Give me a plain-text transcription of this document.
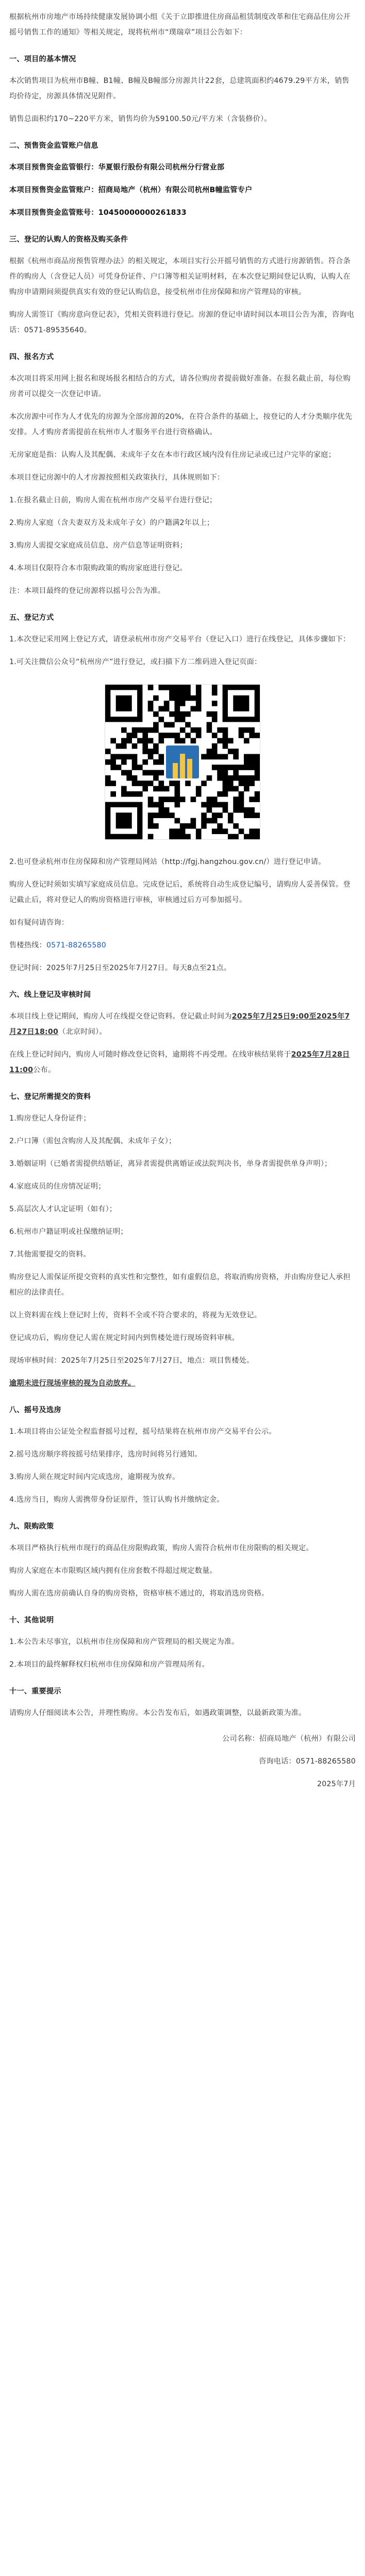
根据杭州市房地产市场持续健康发展协调小组《关于立即推进住房商品租赁制度改革和住宅商品住房公开摇号销售工作的通知》等相关规定，现将杭州市“璞瑞章”项目公告如下：

一、项目的基本情况

本次销售项目为杭州市B幢、B1幢、B幢及B幢部分房源共计22套，总建筑面积约4679.29平方米，销售均价待定，房源具体情况见附件。

销售总面积约170~220平方米，销售均价为59100.50元/平方米（含装修价）。

二、预售资金监管账户信息

本项目预售资金监管银行：华夏银行股份有限公司杭州分行营业部

本项目预售资金监管账户：招商局地产（杭州）有限公司杭州B幢监管专户

本项目预售资金监管账号：10450000000261833

三、登记的认购人的资格及购买条件

根据《杭州市商品房预售管理办法》的相关规定，本项目实行公开摇号销售的方式进行房源销售。符合条件的购房人（含登记人员）可凭身份证件、户口簿等相关证明材料，在本次登记期间登记认购，认购人在购房申请期间须提供真实有效的登记认购信息，接受杭州市住房保障和房产管理局的审核。

购房人需签订《购房意向登记表》，凭相关资料进行登记。房源的登记申请时间以本项目公告为准，咨询电话：0571-89535640。

四、报名方式

本次项目将采用网上报名和现场报名相结合的方式，请各位购房者提前做好准备。在报名截止前，每位购房者可以提交一次登记申请。

本次房源中可作为人才优先的房源为全部房源的20%，在符合条件的基础上，按登记的人才分类顺序优先安排。人才购房者需提前在杭州市人才服务平台进行资格确认。

无房家庭是指：认购人及其配偶、未成年子女在本市行政区域内没有住房记录或已过户完毕的家庭；

本项目登记房源中的人才房源按照相关政策执行，具体规则如下：

1.在报名截止日前，购房人需在杭州市房产交易平台进行登记；

2.购房人家庭（含夫妻双方及未成年子女）的户籍满2年以上；

3.购房人需提交家庭成员信息、房产信息等证明资料；

4.本项目仅限符合本市限购政策的购房家庭进行登记。

注：本项目最终的登记房源将以摇号公告为准。

五、登记方式

1.本次登记采用网上登记方式，请登录杭州市房产交易平台（登记入口）进行在线登记，具体步骤如下：

1.可关注微信公众号“杭州房产”进行登记，或扫描下方二维码进入登记页面：

2.也可登录杭州市住房保障和房产管理局网站（http://fgj.hangzhou.gov.cn/）进行登记申请。

购房人登记时须如实填写家庭成员信息。完成登记后，系统将自动生成登记编号，请购房人妥善保管。登记截止后，将对登记人的购房资格进行审核，审核通过后方可参加摇号。

如有疑问请咨询：

售楼热线：0571-88265580

登记时间：2025年7月25日至2025年7月27日。每天8点至21点。

六、线上登记及审核时间

本项目线上登记期间，购房人可在线提交登记资料。登记截止时间为2025年7月25日9:00至2025年7月27日18:00（北京时间）。

在线上登记时间内，购房人可随时修改登记资料，逾期将不再受理。在线审核结果将于2025年7月28日11:00公布。

七、登记所需提交的资料

1.购房登记人身份证件；

2.户口簿（需包含购房人及其配偶、未成年子女）；

3.婚姻证明（已婚者需提供结婚证，离异者需提供离婚证或法院判决书，单身者需提供单身声明）；

4.家庭成员的住房情况证明；

5.高层次人才认定证明（如有）；

6.杭州市户籍证明或社保缴纳证明；

7.其他需要提交的资料。

购房登记人需保证所提交资料的真实性和完整性，如有虚假信息，将取消购房资格，并由购房登记人承担相应的法律责任。

以上资料需在线上登记时上传，资料不全或不符合要求的，将视为无效登记。

登记成功后，购房登记人需在规定时间内到售楼处进行现场资料审核。

现场审核时间：2025年7月25日至2025年7月27日，地点：项目售楼处。

逾期未进行现场审核的视为自动放弃。

八、摇号及选房

1.本项目将由公证处全程监督摇号过程，摇号结果将在杭州市房产交易平台公示。

2.摇号选房顺序将按摇号结果排序，选房时间将另行通知。

3.购房人须在规定时间内完成选房，逾期视为放弃。

4.选房当日，购房人需携带身份证原件，签订认购书并缴纳定金。

九、限购政策

本项目严格执行杭州市现行的商品住房限购政策，购房人需符合杭州市住房限购的相关规定。

购房人家庭在本市限购区域内拥有住房套数不得超过规定数量。

购房人需在选房前确认自身的购房资格，资格审核不通过的，将取消选房资格。

十、其他说明

1.本公告未尽事宜，以杭州市住房保障和房产管理局的相关规定为准。

2.本项目的最终解释权归杭州市住房保障和房产管理局所有。

十一、重要提示

请购房人仔细阅读本公告，并理性购房。本公告发布后，如遇政策调整，以最新政策为准。

公司名称：招商局地产（杭州）有限公司

咨询电话：0571-88265580

2025年7月
